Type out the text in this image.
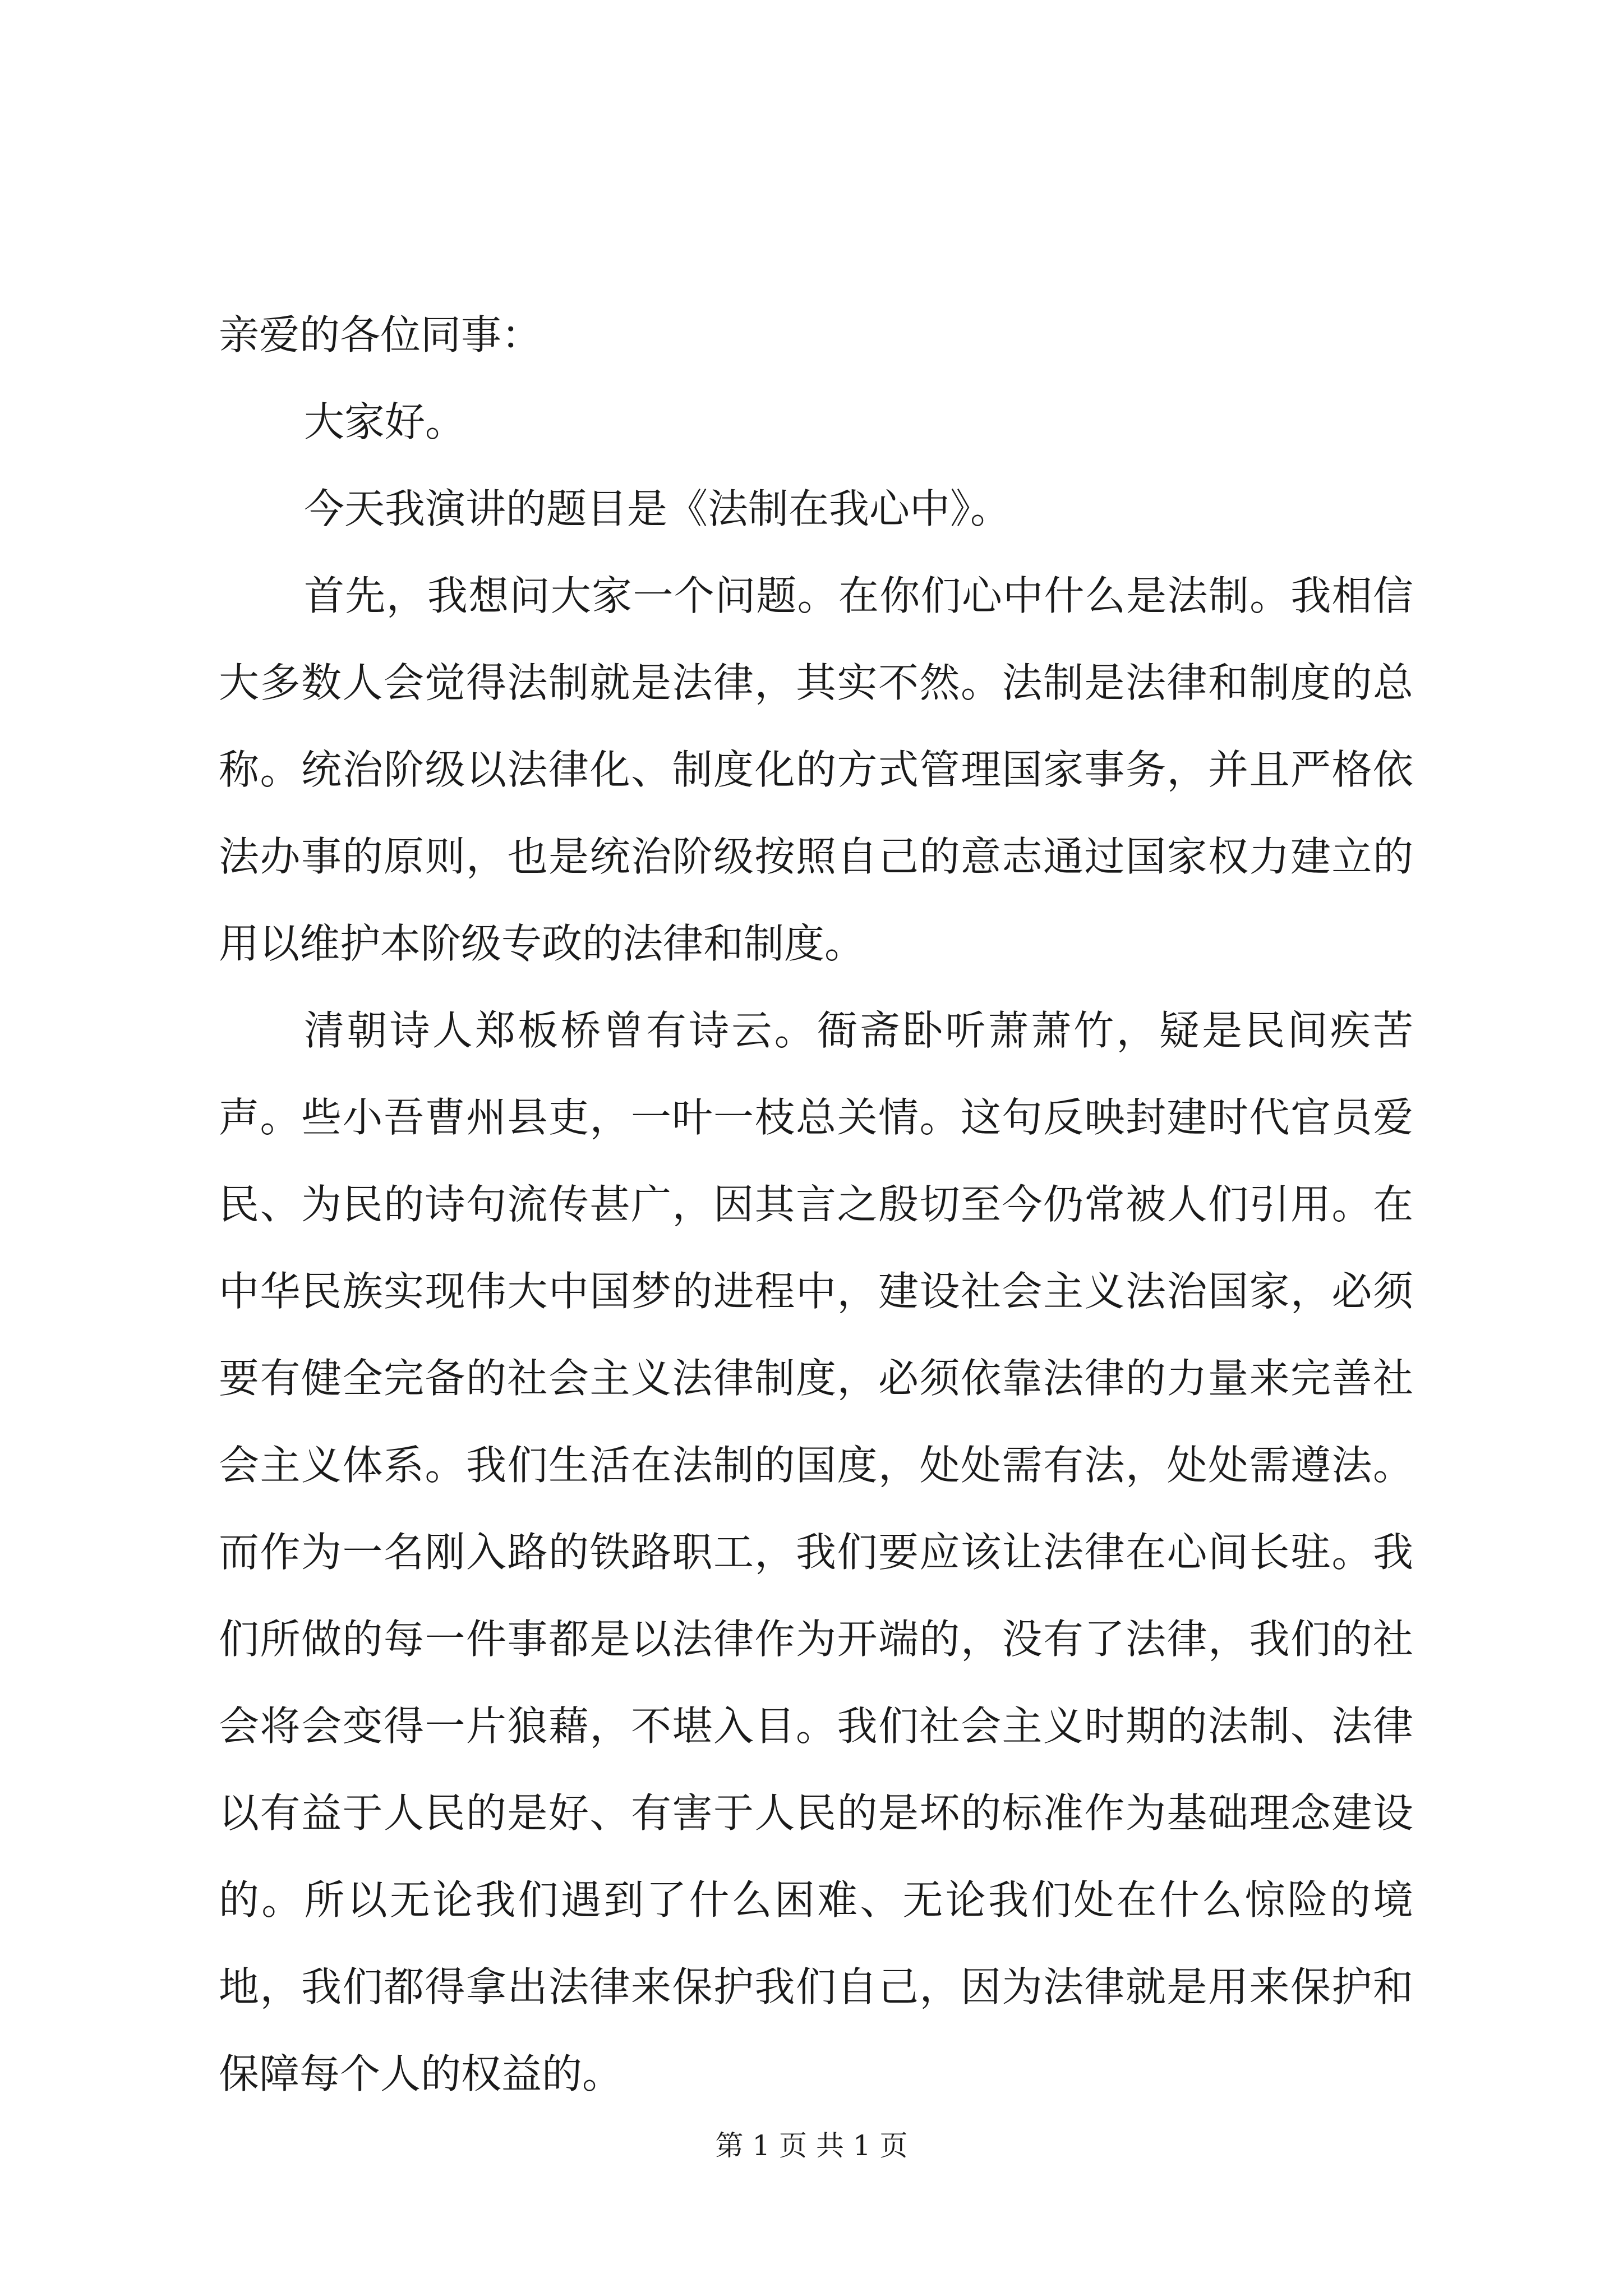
亲爱的各位同事：

大家好。

今天我演讲的题目是《法制在我心中》。

首先，我想问大家一个问题。在你们心中什么是法制。我相信大多数人会觉得法制就是法律，其实不然。法制是法律和制度的总称。统治阶级以法律化、制度化的方式管理国家事务，并且严格依法办事的原则，也是统治阶级按照自己的意志通过国家权力建立的用以维护本阶级专政的法律和制度。

清朝诗人郑板桥曾有诗云。衙斋卧听萧萧竹，疑是民间疾苦声。些小吾曹州县吏，一叶一枝总关情。这句反映封建时代官员爱民、为民的诗句流传甚广，因其言之殷切至今仍常被人们引用。在中华民族实现伟大中国梦的进程中，建设社会主义法治国家，必须要有健全完备的社会主义法律制度，必须依靠法律的力量来完善社会主义体系。我们生活在法制的国度，处处需有法，处处需遵法。而作为一名刚入路的铁路职工，我们要应该让法律在心间长驻。我们所做的每一件事都是以法律作为开端的，没有了法律，我们的社会将会变得一片狼藉，不堪入目。我们社会主义时期的法制、法律以有益于人民的是好、有害于人民的是坏的标准作为基础理念建设的。所以无论我们遇到了什么困难、无论我们处在什么惊险的境地，我们都得拿出法律来保护我们自己，因为法律就是用来保护和保障每个人的权益的。

第 1 页 共 1 页
